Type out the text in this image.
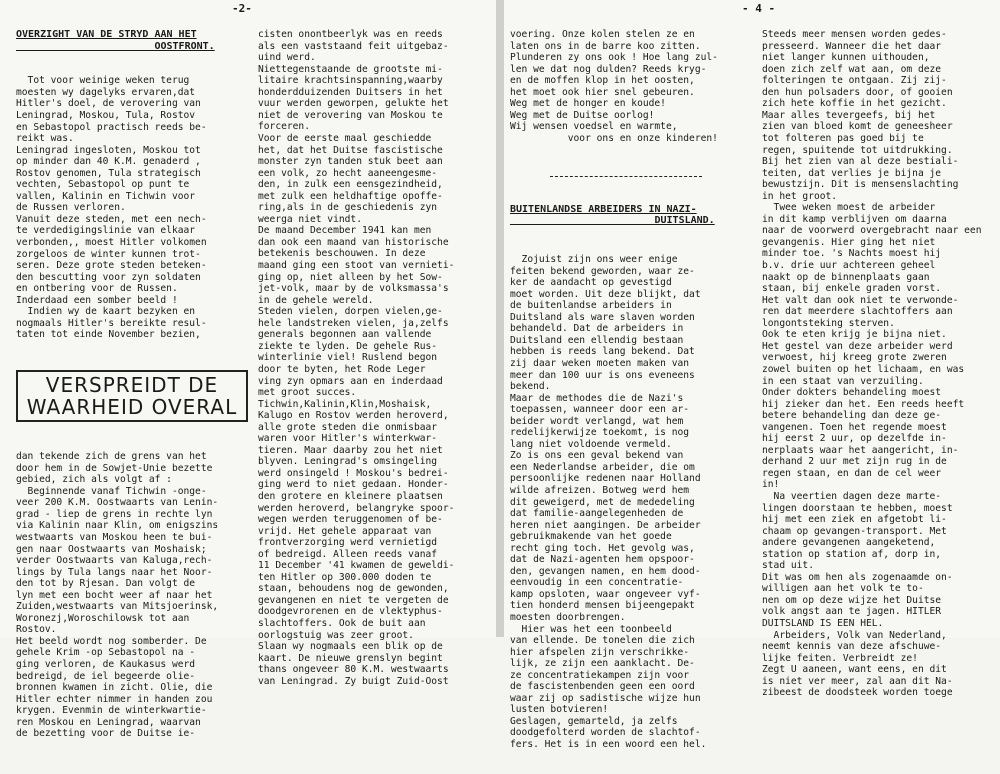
-2-

OVERZIGHT VAN DE STRYD AAN HET
OOSTFRONT.

Tot voor weinige weken terug
moesten wy dagelyks ervaren,dat
Hitler's doel, de verovering van
Leningrad, Moskou, Tula, Rostov
en Sebastopol practisch reeds be-
reikt was.
Leningrad ingesloten, Moskou tot
op minder dan 40 K.M. genaderd ,
Rostov genomen, Tula strategisch
vechten, Sebastopol op punt te
vallen, Kalinin en Tichwin voor
de Russen verloren.
Vanuit deze steden, met een nech-
te verdedigingslinie van elkaar
verbonden,, moest Hitler volkomen
zorgeloos de winter kunnen trot-
seren. Deze grote steden beteken-
den bescutting voor zyn soldaten
en ontbering voor de Russen.
Inderdaad een somber beeld !
Indien wy de kaart bezyken en
nogmaals Hitler's bereikte resul-
taten tot einde November bezien,

VERSPREIDT DE
WAARHEID OVERAL

dan tekende zich de grens van het
door hem in de Sowjet-Unie bezette
gebied, zich als volgt af :
Beginnende vanaf Tichwin -onge-
veer 200 K.M. Oostwaarts van Lenin-
grad - liep de grens in rechte lyn
via Kalinin naar Klin, om enigszins
westwaarts van Moskou heen te bui-
gen naar Oostwaarts van Moshaisk;
verder Oostwaarts van Kaluga,rech-
lings by Tula langs naar het Noor-
den tot by Rjesan. Dan volgt de
lyn met een bocht weer af naar het
Zuiden,westwaarts van Mitsjoerinsk,
Woronezj,Woroschilowsk tot aan
Rostov.
Het beeld wordt nog somberder. De
gehele Krim -op Sebastopol na -
ging verloren, de Kaukasus werd
bedreigd, de iel begeerde olie-
bronnen kwamen in zicht. Olie, die
Hitler echter nimmer in handen zou
krygen. Evenmin de winterkwartie-
ren Moskou en Leningrad, waarvan
de bezetting voor de Duitse ie-

cisten onontbeerlyk was en reeds
als een vaststaand feit uitgebaz-
uind werd.
Niettegenstaande de grootste mi-
litaire krachtsinspanning,waarby
honderdduizenden Duitsers in het
vuur werden geworpen, gelukte het
niet de verovering van Moskou te
forceren.
Voor de eerste maal geschiedde
het, dat het Duitse fascistische
monster zyn tanden stuk beet aan
een volk, zo hecht aaneengesme-
den, in zulk een eensgezindheid,
met zulk een heldhaftige opoffe-
ring,als in de geschiedenis zyn
weerga niet vindt.
De maand December 1941 kan men
dan ook een maand van historische
betekenis beschouwen. In deze
maand ging een stoot van vernieti-
ging op, niet alleen by het Sow-
jet-volk, maar by de volksmassa's
in de gehele wereld.
Steden vielen, dorpen vielen,ge-
hele landstreken vielen, ja,zelfs
generals begonnen aan vallende
ziekte te lyden. De gehele Rus-
winterlinie viel! Ruslend begon
door te byten, het Rode Leger
ving zyn opmars aan en inderdaad
met groot succes.
Tichwin,Kalinin,Klin,Moshaisk,
Kalugo en Rostov werden heroverd,
alle grote steden die onmisbaar
waren voor Hitler's winterkwar-
tieren. Maar daarby zou het niet
blyven. Leningrad's omsingeling
werd onsingeld ! Moskou's bedrei-
ging werd to niet gedaan. Honder-
den grotere en kleinere plaatsen
werden heroverd, belangryke spoor-
wegen werden teruggenomen of be-
vrijd. Het gehele apparaat van
frontverzorging werd vernietigd
of bedreigd. Alleen reeds vanaf
11 December '41 kwamen de geweldi-
ten Hitler op 300.000 doden te
staan, behoudens nog de gewonden,
gevangenen en niet te vergeten de
doodgevrorenen en de vlektyphus-
slachtoffers. Ook de buit aan
oorlogstuig was zeer groot.
Slaan wy nogmaals een blik op de
kaart. De nieuwe grenslyn begint
thans ongeveer 80 K.M. westwaarts
van Leningrad. Zy buigt Zuid-Oost

- 4 -

voering. Onze kolen stelen ze en
laten ons in de barre koo zitten.
Plunderen zy ons ook ! Hoe lang zul-
len we dat nog dulden? Reeds kryg-
en de moffen klop in het oosten,
het moet ook hier snel gebeuren.
Weg met de honger en koude!
Weg met de Duitse oorlog!
Wij wensen voedsel en warmte,
voor ons en onze kinderen!

BUITENLANDSE ARBEIDERS IN NAZI-
DUITSLAND.

Zojuist zijn ons weer enige
feiten bekend geworden, waar ze-
ker de aandacht op gevestigd
moet worden. Uit deze blijkt, dat
de buitenlandse arbeiders in
Duitsland als ware slaven worden
behandeld. Dat de arbeiders in
Duitsland een ellendig bestaan
hebben is reeds lang bekend. Dat
zij daar weken moeten maken van
meer dan 100 uur is ons eveneens
bekend.
Maar de methodes die de Nazi's
toepassen, wanneer door een ar-
beider wordt verlangd, wat hem
redelijkerwijze toekomt, is nog
lang niet voldoende vermeld.
Zo is ons een geval bekend van
een Nederlandse arbeider, die om
persoonlijke redenen naar Holland
wilde afreizen. Botweg werd hem
dit geweigerd, met de mededeling
dat familie-aangelegenheden de
heren niet aangingen. De arbeider
gebruikmakende van het goede
recht ging toch. Het gevolg was,
dat de Nazi-agenten hem opspoor-
den, gevangen namen, en hem dood-
eenvoudig in een concentratie-
kamp opsloten, waar ongeveer vyf-
tien honderd mensen bijeengepakt
moesten doorbrengen.
Hier was het een toonbeeld
van ellende. De tonelen die zich
hier afspelen zijn verschrikke-
lijk, ze zijn een aanklacht. De-
ze concentratiekampen zijn voor
de fascistenbenden geen een oord
waar zij op sadistische wijze hun
lusten botvieren!
Geslagen, gemarteld, ja zelfs
doodgefolterd worden de slachtof-
fers. Het is in een woord een hel.

Steeds meer mensen worden gedes-
presseerd. Wanneer die het daar
niet langer kunnen uithouden,
doen zich zelf wat aan, om deze
folteringen te ontgaan. Zij zij-
den hun polsaders door, of gooien
zich hete koffie in het gezicht.
Maar alles tevergeefs, bij het
zien van bloed komt de geneesheer
tot folteren pas goed bij te
regen, spuitende tot uitdrukking.
Bij het zien van al deze bestiali-
teiten, dat verlies je bijna je
bewustzijn. Dit is mensenslachting
in het groot.
Twee weken moest de arbeider
in dit kamp verblijven om daarna
naar de voorwerd overgebracht naar een
gevangenis. Hier ging het niet
minder toe. 's Nachts moest hij
b.v. drie uur achtereen geheel
naakt op de binnenplaats gaan
staan, bij enkele graden vorst.
Het valt dan ook niet te verwonde-
ren dat meerdere slachtoffers aan
longontsteking sterven.
Ook te eten krijg je bijna niet.
Het gestel van deze arbeider werd
verwoest, hij kreeg grote zweren
zowel buiten op het lichaam, en was
in een staat van verzuiling.
Onder dokters behandeling moest
hij zieker dan het. Een reeds heeft
betere behandeling dan deze ge-
vangenen. Toen het regende moest
hij eerst 2 uur, op dezelfde in-
nerplaats waar het aangericht, in-
derhand 2 uur met zijn rug in de
regen staan, en dan de cel weer
in!
Na veertien dagen deze marte-
lingen doorstaan te hebben, moest
hij met een ziek en afgetobt li-
chaam op gevangen-transport. Met
andere gevangenen aangeketend,
station op station af, dorp in,
stad uit.
Dit was om hen als zogenaamde on-
willigen aan het volk te to-
nen om op deze wijze het Duitse
volk angst aan te jagen. HITLER
DUITSLAND IS EEN HEL.
Arbeiders, Volk van Nederland,
neemt kennis van deze afschuwe-
lijke feiten. Verbreidt ze!
Zegt U aaneen, want eens, en dit
is niet ver meer, zal aan dit Na-
zibeest de doodsteek worden toege
